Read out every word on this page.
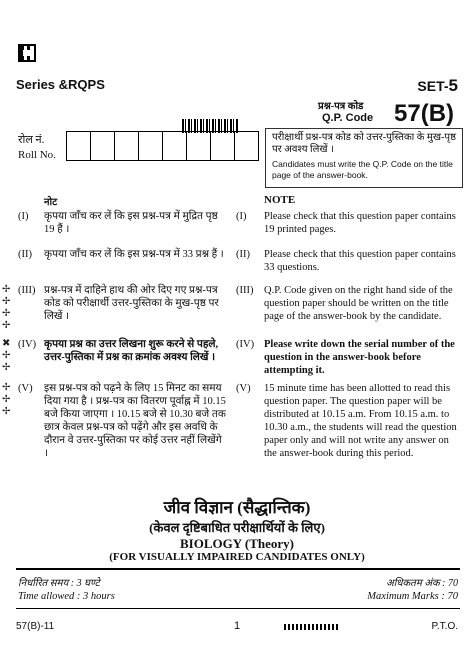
Series &RQPS	SET-5
प्रश्न-पत्र कोड
Q.P. Code 57(B)
रोल नं.
Roll No.
परीक्षार्थी प्रश्न-पत्र कोड को उत्तर-पुस्तिका के मुख-पृष्ठ पर अवश्य लिखें ।
Candidates must write the Q.P. Code on the title page of the answer-book.
नोट	NOTE
(I) कृपया जाँच कर लें कि इस प्रश्न-पत्र में मुद्रित पृष्ठ 19 हैं ।
(I) Please check that this question paper contains 19 printed pages.
(II) कृपया जाँच कर लें कि इस प्रश्न-पत्र में 33 प्रश्न हैं ।	(II) Please check that this question paper contains 33 questions.
✢
✢
✢
✢
(III) प्रश्न-पत्र में दाहिने हाथ की ओर दिए गए प्रश्न-पत्र कोड को परीक्षार्थी उत्तर-पुस्तिका के मुख-पृष्ठ पर लिखें ।
(III) Q.P. Code given on the right hand side of the question paper should be written on the title page of the answer-book by the candidate.
✖
✢
✢
(IV) कृपया प्रश्न का उत्तर लिखना शुरू करने से पहले, उत्तर-पुस्तिका में प्रश्न का क्रमांक अवश्य लिखें ।
(IV) Please write down the serial number of the question in the answer-book before attempting it.
✢
✢
✢
(V) इस प्रश्न-पत्र को पढ़ने के लिए 15 मिनट का समय दिया गया है । प्रश्न-पत्र का वितरण पूर्वाह्न में 10.15 बजे किया जाएगा । 10.15 बजे से 10.30 बजे तक छात्र केवल प्रश्न-पत्र को पढ़ेंगे और इस अवधि के दौरान वे उत्तर-पुस्तिका पर कोई उत्तर नहीं लिखेंगे ।
(V) 15 minute time has been allotted to read this question paper. The question paper will be distributed at 10.15 a.m. From 10.15 a.m. to 10.30 a.m., the students will read the question paper only and will not write any answer on the answer-book during this period.
जीव विज्ञान (सैद्धान्तिक)
(केवल दृष्टिबाधित परीक्षार्थियों के लिए)
BIOLOGY (Theory)
(FOR VISUALLY IMPAIRED CANDIDATES ONLY)
निर्धारित समय : 3 घण्टे
Time allowed : 3 hours
अधिकतम अंक : 70
Maximum Marks : 70
57(B)-11	1	P.T.O.
